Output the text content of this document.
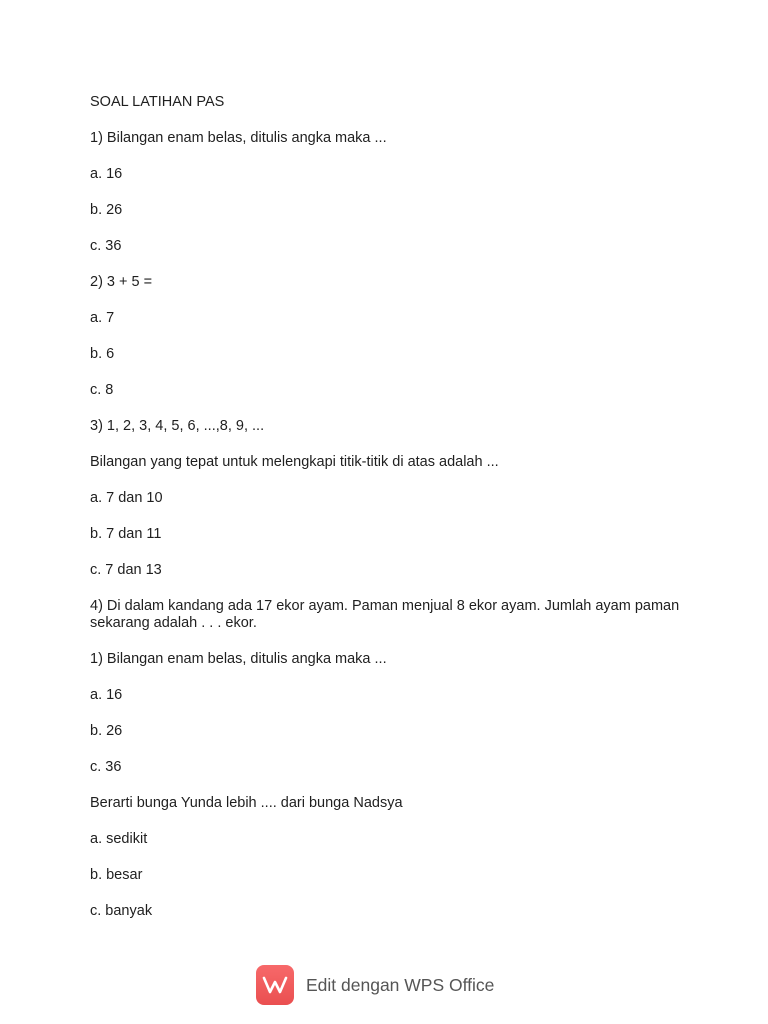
SOAL LATIHAN PAS
1) Bilangan enam belas, ditulis angka maka ...
a. 16
b. 26
c. 36
2) 3 + 5 =
a. 7
b. 6
c. 8
3) 1, 2, 3, 4, 5, 6, ...,8, 9, ...
Bilangan yang tepat untuk melengkapi titik-titik di atas adalah ...
a. 7 dan 10
b. 7 dan 11
c. 7 dan 13
4) Di dalam kandang ada 17 ekor ayam. Paman menjual 8 ekor ayam. Jumlah ayam paman sekarang adalah . . . ekor.
1) Bilangan enam belas, ditulis angka maka ...
a. 16
b. 26
c. 36
Berarti bunga Yunda lebih .... dari bunga Nadsya
a. sedikit
b. besar
c. banyak
Edit dengan WPS Office
